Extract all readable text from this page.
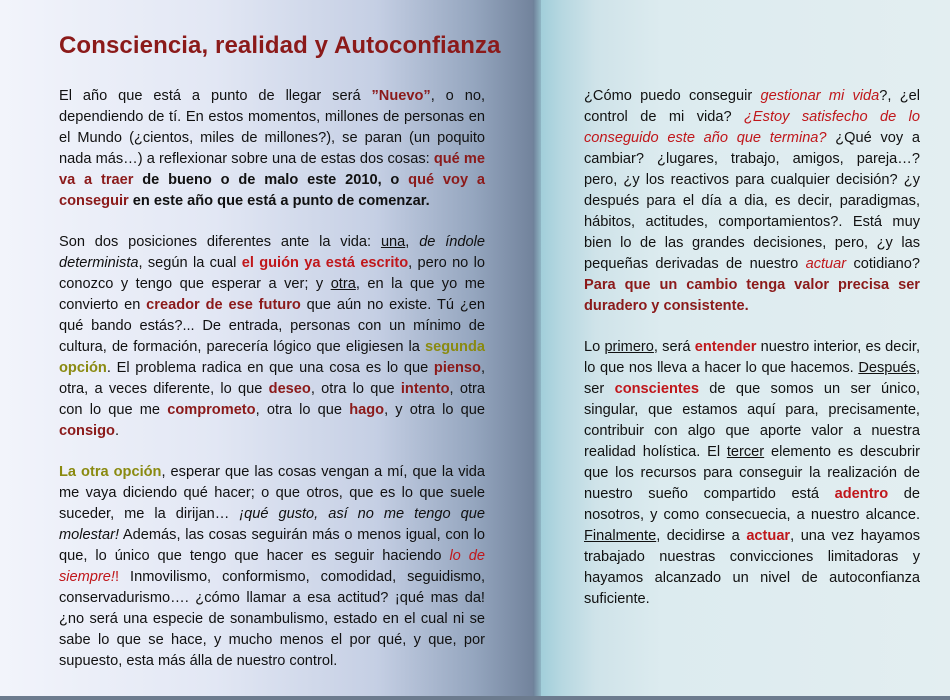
Consciencia, realidad y Autoconfianza

El año que está a punto de llegar será ”Nuevo”, o no, dependiendo de tí. En estos momentos, millones de personas en el Mundo (¿cientos, miles de millones?), se paran (un poquito nada más…) a reflexionar sobre una de estas dos cosas: qué me va a traer de bueno o de malo este 2010, o qué voy a conseguir en este año que está a punto de comenzar.

Son dos posiciones diferentes ante la vida: una, de índole determinista, según la cual el guión ya está escrito, pero no lo conozco y tengo que esperar a ver; y otra, en la que yo me convierto en creador de ese futuro que aún no existe. Tú ¿en qué bando estás?... De entrada, personas con un mínimo de cultura, de formación, parecería lógico que eligiesen la segunda opción. El problema radica en que una cosa es lo que pienso, otra, a veces diferente, lo que deseo, otra lo que intento, otra con lo que me comprometo, otra lo que hago, y otra lo que consigo.

La otra opción, esperar que las cosas vengan a mí, que la vida me vaya diciendo qué hacer; o que otros, que es lo que suele suceder, me la dirijan… ¡qué gusto, así no me tengo que molestar! Además, las cosas seguirán más o menos igual, con lo que, lo único que tengo que hacer es seguir haciendo lo de siempre!! Inmovilismo, conformismo, comodidad, seguidismo, conservadurismo…. ¿cómo llamar a esa actitud? ¡qué mas da! ¿no será una especie de sonambulismo, estado en el cual ni se sabe lo que se hace, y mucho menos el por qué, y que, por supuesto, esta más álla de nuestro control.

¿Cómo puedo conseguir gestionar mi vida?, ¿el control de mi vida? ¿Estoy satisfecho de lo conseguido este año que termina? ¿Qué voy a cambiar? ¿lugares, trabajo, amigos, pareja…? pero, ¿y los reactivos para cualquier decisión? ¿y después para el día a dia, es decir, paradigmas, hábitos, actitudes, comportamientos?. Está muy bien lo de las grandes decisiones, pero, ¿y las pequeñas derivadas de nuestro actuar cotidiano? Para que un cambio tenga valor precisa ser duradero y consistente.

Lo primero, será entender nuestro interior, es decir, lo que nos lleva a hacer lo que hacemos. Después, ser conscientes de que somos un ser único, singular, que estamos aquí para, precisamente, contribuir con algo que aporte valor a nuestra realidad holística. El tercer elemento es descubrir que los recursos para conseguir la realización de nuestro sueño compartido está adentro de nosotros, y como consecuecia, a nuestro alcance. Finalmente, decidirse a actuar, una vez hayamos trabajado nuestras convicciones limitadoras y hayamos alcanzado un nivel de autoconfianza suficiente.
